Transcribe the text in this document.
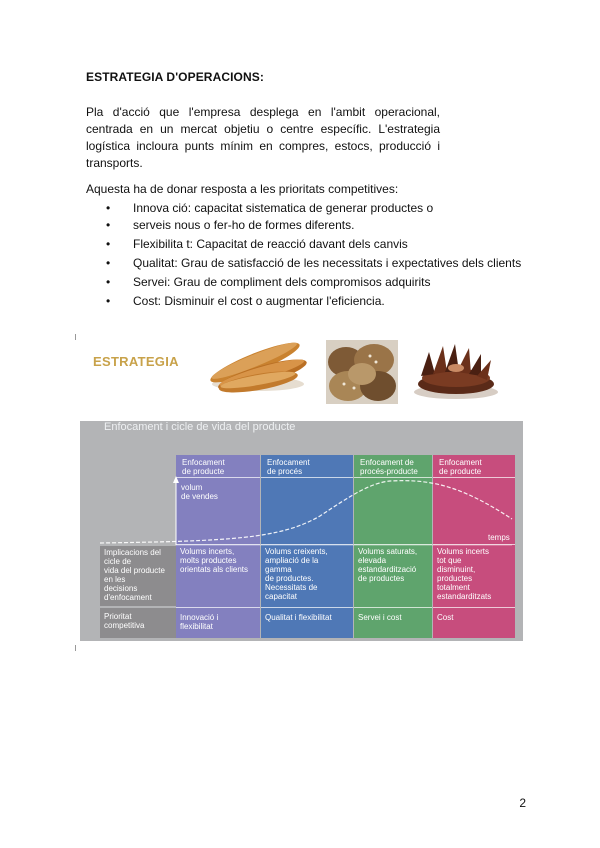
ESTRATEGIA D'OPERACIONS:
Pla d'acció que l'empresa desplega en l'ambit operacional, centrada en un mercat objetiu o centre específic. L'estrategia logística incloura punts mínim en compres, estocs, producció i transports.
Aquesta ha de donar resposta a les prioritats competitives:
• Innova ció: capacitat sistematica de generar productes o
• serveis nous o fer-ho de formes diferents.
• Flexibilita t: Capacitat de reacció davant dels canvis
• Qualitat: Grau de satisfacció de les necessitats i expectatives dels clients
• Servei: Grau de compliment dels compromisos adquirits
• Cost: Disminuir el cost o augmentar l'eficiencia.
ESTRATEGIA
Enfocament i cicle de vida del producte
Enfocament
de producte
Volums incerts,
molts productes
orientats als clients
Innovació i
flexibilitat
Enfocament
de procés
Volums creixents,
ampliació de la
gamma
de productes.
Necessitats de
capacitat
Qualitat i flexibilitat
Enfocament de
procés-producte
Volums saturats,
elevada
estandardització
de productes
Servei i cost
Enfocament
de producte
Volums incerts
tot que
disminuint,
productes
totalment
estandarditzats
Cost
Implicacions del
cicle de
vida del producte
en les
decisions
d'enfocament
Prioritat
competitiva
volum
de vendes
temps
2
